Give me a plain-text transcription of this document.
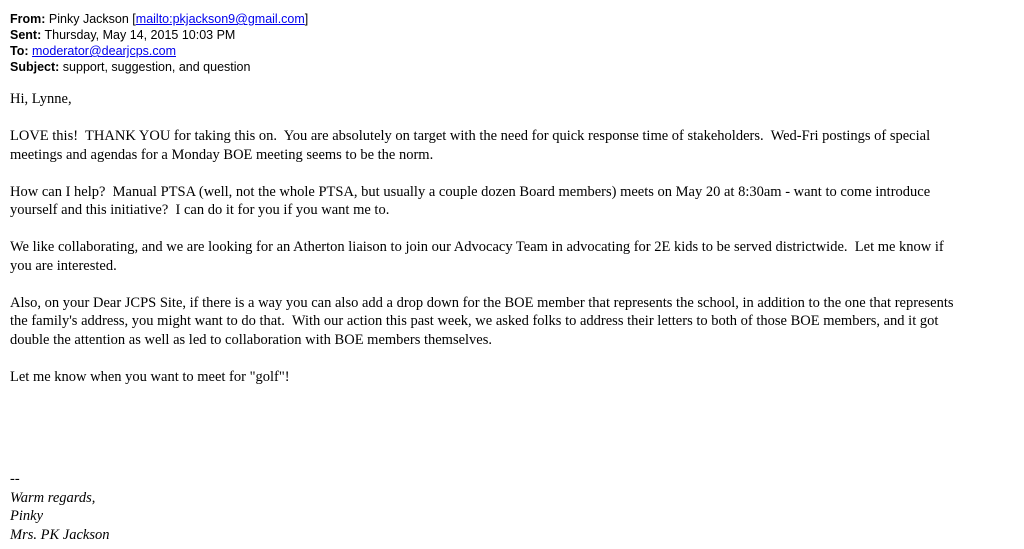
From: Pinky Jackson [mailto:pkjackson9@gmail.com]
Sent: Thursday, May 14, 2015 10:03 PM
To: moderator@dearjcps.com
Subject: support, suggestion, and question

Hi, Lynne,

LOVE this!  THANK YOU for taking this on.  You are absolutely on target with the need for quick response time of stakeholders.  Wed-Fri postings of special

meetings and agendas for a Monday BOE meeting seems to be the norm.

How can I help?  Manual PTSA (well, not the whole PTSA, but usually a couple dozen Board members) meets on May 20 at 8:30am - want to come introduce

yourself and this initiative?  I can do it for you if you want me to.

We like collaborating, and we are looking for an Atherton liaison to join our Advocacy Team in advocating for 2E kids to be served districtwide.  Let me know if

you are interested.

Also, on your Dear JCPS Site, if there is a way you can also add a drop down for the BOE member that represents the school, in addition to the one that represents

the family's address, you might want to do that.  With our action this past week, we asked folks to address their letters to both of those BOE members, and it got

double the attention as well as led to collaboration with BOE members themselves.

Let me know when you want to meet for "golf"!

--

Warm regards,

Pinky

Mrs. PK Jackson
